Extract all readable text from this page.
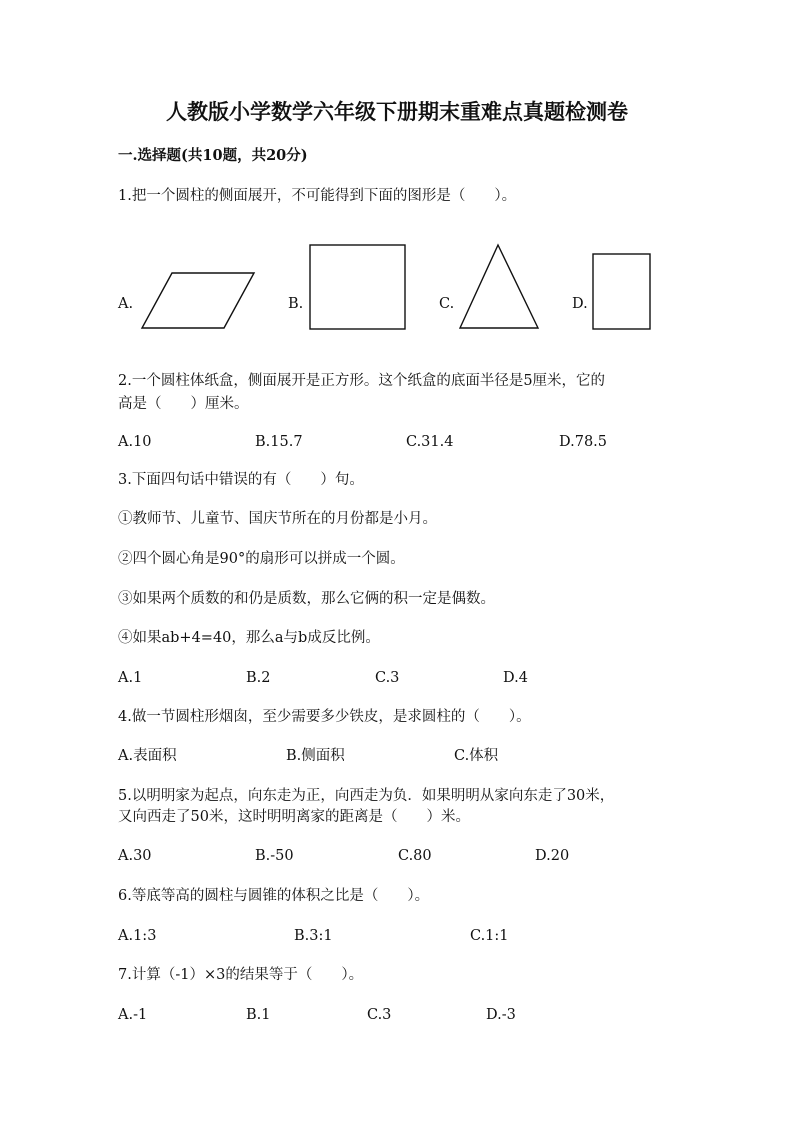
人教版小学数学六年级下册期末重难点真题检测卷
一.选择题(共10题，共20分)
1.把一个圆柱的侧面展开，不可能得到下面的图形是（　　）。
A.	B.	C.	D.
2.一个圆柱体纸盒，侧面展开是正方形。这个纸盒的底面半径是5厘米，它的
高是（　　）厘米。
A.10	B.15.7	C.31.4	D.78.5
3.下面四句话中错误的有（　　）句。
①教师节、儿童节、国庆节所在的月份都是小月。
②四个圆心角是90°的扇形可以拼成一个圆。
③如果两个质数的和仍是质数，那么它俩的积一定是偶数。
④如果ab+4=40，那么a与b成反比例。
A.1	B.2	C.3	D.4
4.做一节圆柱形烟囱，至少需要多少铁皮，是求圆柱的（　　）。
A.表面积	B.侧面积	C.体积
5.以明明家为起点，向东走为正，向西走为负．如果明明从家向东走了30米，
又向西走了50米，这时明明离家的距离是（　　）米。
A.30	B.-50	C.80	D.20
6.等底等高的圆柱与圆锥的体积之比是（　　）。
A.1:3	B.3:1	C.1:1
7.计算（-1）×3的结果等于（　　）。
A.-1	B.1	C.3	D.-3
